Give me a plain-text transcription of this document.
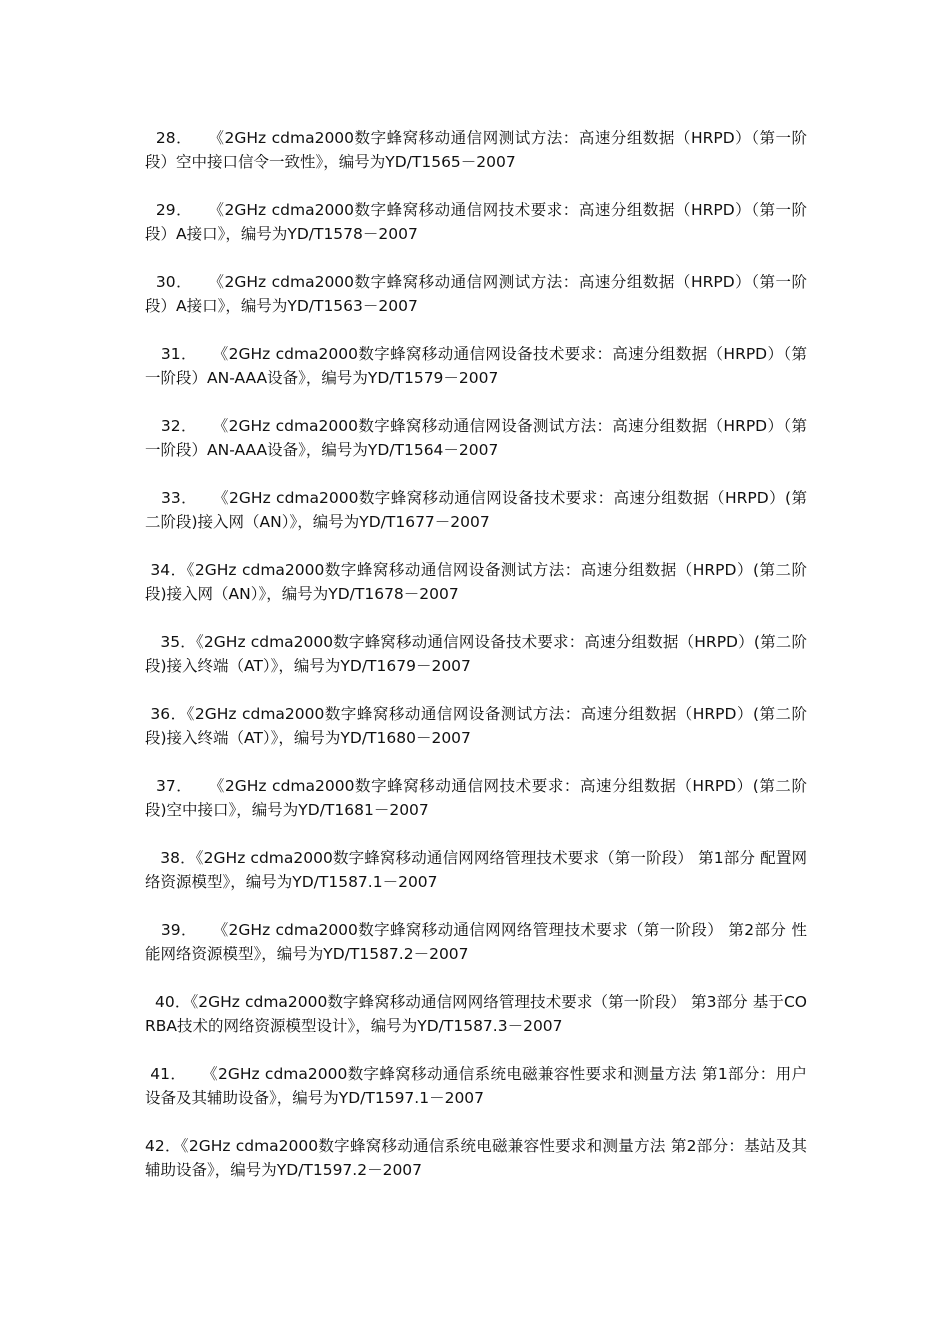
28．   《2GHz cdma2000数字蜂窝移动通信网测试方法：高速分组数据（HRPD）（第一阶段）空中接口信令一致性》，编号为YD/T1565－2007

29．   《2GHz cdma2000数字蜂窝移动通信网技术要求：高速分组数据（HRPD）（第一阶段）A接口》，编号为YD/T1578－2007

30．   《2GHz cdma2000数字蜂窝移动通信网测试方法：高速分组数据（HRPD）（第一阶段）A接口》，编号为YD/T1563－2007

31．   《2GHz cdma2000数字蜂窝移动通信网设备技术要求：高速分组数据（HRPD）（第一阶段）AN-AAA设备》，编号为YD/T1579－2007

32．   《2GHz cdma2000数字蜂窝移动通信网设备测试方法：高速分组数据（HRPD）（第一阶段）AN-AAA设备》，编号为YD/T1564－2007

33．   《2GHz cdma2000数字蜂窝移动通信网设备技术要求：高速分组数据（HRPD）(第二阶段)接入网（AN）》，编号为YD/T1677－2007

34．《2GHz cdma2000数字蜂窝移动通信网设备测试方法：高速分组数据（HRPD）(第二阶段)接入网（AN）》，编号为YD/T1678－2007

35．《2GHz cdma2000数字蜂窝移动通信网设备技术要求：高速分组数据（HRPD）(第二阶段)接入终端（AT）》，编号为YD/T1679－2007

36．《2GHz cdma2000数字蜂窝移动通信网设备测试方法：高速分组数据（HRPD）(第二阶段)接入终端（AT）》，编号为YD/T1680－2007

37．   《2GHz cdma2000数字蜂窝移动通信网技术要求：高速分组数据（HRPD）(第二阶段)空中接口》，编号为YD/T1681－2007

38．《2GHz cdma2000数字蜂窝移动通信网网络管理技术要求（第一阶段） 第1部分 配置网络资源模型》，编号为YD/T1587.1－2007

39．   《2GHz cdma2000数字蜂窝移动通信网网络管理技术要求（第一阶段） 第2部分 性能网络资源模型》，编号为YD/T1587.2－2007

40．《2GHz cdma2000数字蜂窝移动通信网网络管理技术要求（第一阶段） 第3部分 基于CORBA技术的网络资源模型设计》，编号为YD/T1587.3－2007

41．   《2GHz cdma2000数字蜂窝移动通信系统电磁兼容性要求和测量方法 第1部分：用户设备及其辅助设备》，编号为YD/T1597.1－2007

42．《2GHz cdma2000数字蜂窝移动通信系统电磁兼容性要求和测量方法 第2部分：基站及其辅助设备》，编号为YD/T1597.2－2007
